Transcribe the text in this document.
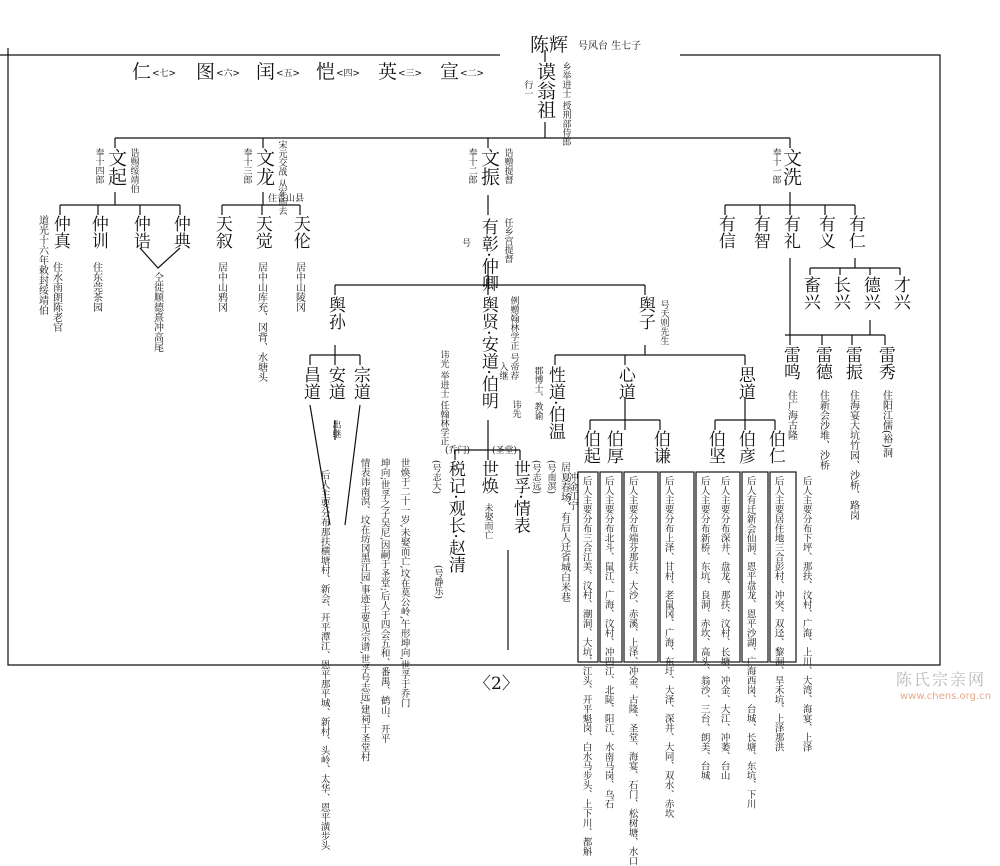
陈辉 号风台 生七子
仁 <七> 图 <六> 闰 <五> 恺 <四> 英 <三> 宣 <二>	谟翁祖
行一	乡举进士 授刑部侍郎
文洗
奉十一郎
文振
奉十二郎	诰赠提督
文龙
奉十三郎	宋元交战 从军而去
住香山县
文起
奉十四郎	诰赐绥靖伯
仲真
道光十六年敕封绥靖伯 住水南朗陈老官
仲训
住东莞茶园
仲诰 仲典
仝徙顺德熹冲高尾
天叙
居中山鸦冈
天觉
居中山库充、冈背、水塘头
天伦
居中山陵冈	有彰·仲卿 任乡宫提督
号	有信 有智 有礼 有义 有仁
畜兴 长兴 德兴 才兴
雷鸣
住广海古隆
雷德
住新会沙堆、沙桥
雷振
住海宴大坑竹园、沙桥、路岗
雷秀
住阳江儒(裕)洞
舆孙	舆贤·安道·伯明 例赠翰林学正 号帝荐
入继
讳先
讳光 举进士 任翰林学正
舆子 号天则先生
昌道 安道
出继
宗道
后人主要分布那扶横塘村、新会、开平潭江、恩平那平城、新村、头岭、太华、恩平潢步头	世焕于二十一岁,未娶而亡,坟在莫公岭,午形坤向,世孚于乔门
坤向;世孚之子吴尼,因嗣于圣堂;后人于四会五和、番禺、鹤山、开平
情表讳南溟、坟在坊冈黑江园,事迹主要见宗谱,世孚号志远,建祠于圣堂村
(乔门)
税记·观长·赵清
(号志大)
(号静乐)
(圣堂)
世焕
未娶而亡 世孚·情表 (号志远) (号南溟)
性道·伯温
郡博士、教谕
居夏春场、有后人迁省城白米巷
心道	思道
冲金江宁
伯起 伯厚 伯谦 伯坚 伯彦 伯仁
后人主要分布三合江美、汶村、潮洞、大坑、江头、开平魁岗、白水马步头、上下川、都斛 后人主要分布北斗、鼠江、广海、汶村、冲四江、北陡、阳江、水南马岗、乌石 后人主要分布端芬那扶、大沙、赤溪、上泽、冲金、古隆、圣堂、海宴、石门、松树塘、水口	后人主要分布上泽、甘村、老鼠冈、广海、东圩、大泽、深井、大同、双水、赤坎	后人主要分布新桥、东坑、良洞、赤坎、高头、翁沙、三台、朗美、台城 后人主要分布深井、盘龙、那扶、汶村、长塘、冲金、大江、冲萎、台山 后人有迁新会仙洞、恩平盘龙、恩平沙湖、广海西岗、台城、长塘、东坑、下川 后人主要居住地三合彭村、冲突、双迳、黎洞、旱禾坑、上泽那洪 后人主要分布下坪、那扶、汶村、广海、上川、大湾、海宴、上泽
〈2〉	陈氏宗亲网
www.chens.org.cn
